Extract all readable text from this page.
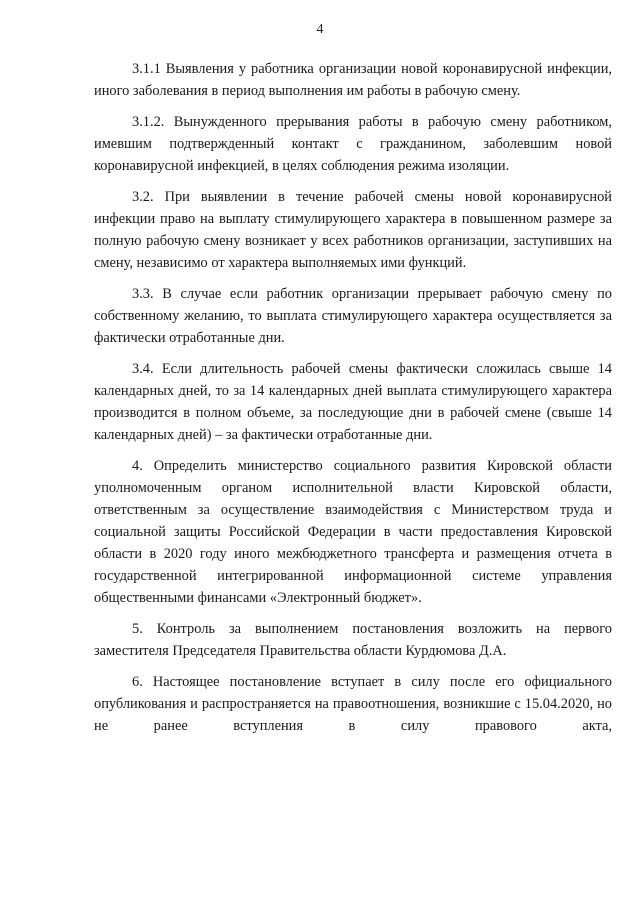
4

3.1.1 Выявления у работника организации новой коронавирусной инфекции, иного заболевания в период выполнения им работы в рабочую смену.

3.1.2. Вынужденного прерывания работы в рабочую смену работником, имевшим подтвержденный контакт с гражданином, заболевшим новой коронавирусной инфекцией, в целях соблюдения режима изоляции.

3.2. При выявлении в течение рабочей смены новой коронавирусной инфекции право на выплату стимулирующего характера в повышенном размере за полную рабочую смену возникает у всех работников организации, заступивших на смену, независимо от характера выполняемых ими функций.

3.3. В случае если работник организации прерывает рабочую смену по собственному желанию, то выплата стимулирующего характера осуществляется за фактически отработанные дни.

3.4. Если длительность рабочей смены фактически сложилась свыше 14 календарных дней, то за 14 календарных дней выплата стимулирующего характера производится в полном объеме, за последующие дни в рабочей смене (свыше 14 календарных дней) – за фактически отработанные дни.

4. Определить министерство социального развития Кировской области уполномоченным органом исполнительной власти Кировской области, ответственным за осуществление взаимодействия с Министерством труда и социальной защиты Российской Федерации в части предоставления Кировской области в 2020 году иного межбюджетного трансферта и размещения отчета в государственной интегрированной информационной системе управления общественными финансами «Электронный бюджет».

5. Контроль за выполнением постановления возложить на первого заместителя Председателя Правительства области Курдюмова Д.А.

6. Настоящее постановление вступает в силу после его официального опубликования и распространяется на правоотношения, возникшие с 15.04.2020, но не ранее вступления в силу правового акта,
